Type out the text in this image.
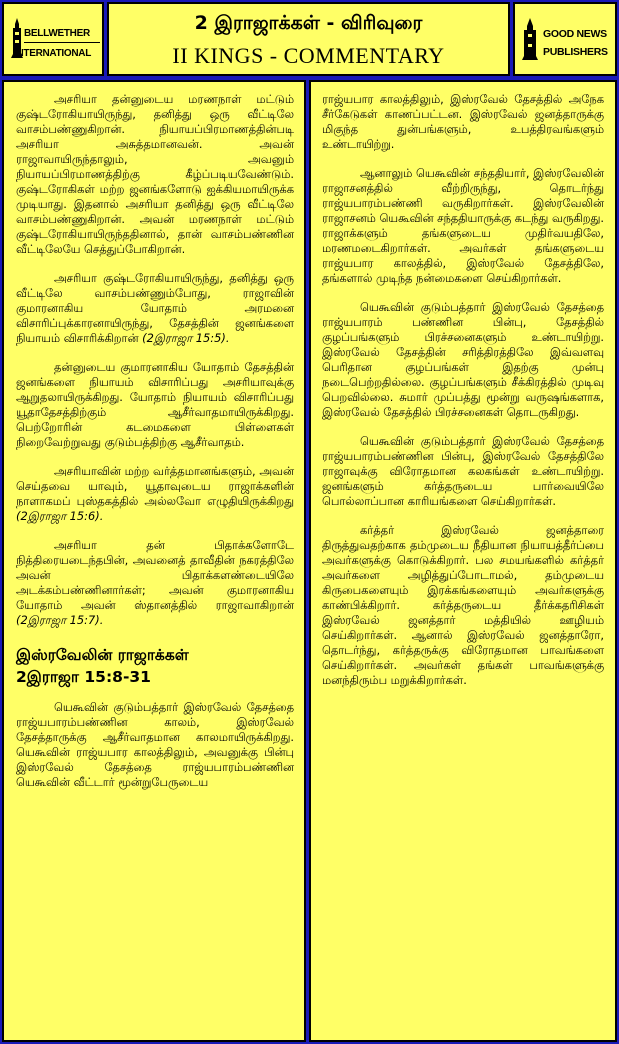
BELLWETHER
INTERNATIONAL
2 இராஜாக்கள் - விரிவுரை
II KINGS - COMMENTARY
GOOD NEWS
PUBLISHERS

அசரியா தன்னுடைய மரணநாள் மட்டும் குஷ்டரோகியாயிருந்து, தனித்து ஒரு வீட்டிலே வாசம்பண்ணுகிறான். நியாயப்பிரமாணத்தின்படி அசரியா அசுத்தமானவன். அவன் ராஜாவாயிருந்தாலும், அவனும் நியாயப்பிரமாணத்திற்கு கீழ்ப்படியவேண்டும். குஷ்டரோகிகள் மற்ற ஜனங்களோடு ஐக்கியமாயிருக்க முடியாது. இதனால் அசரியா தனித்து ஒரு வீட்டிலே வாசம்பண்ணுகிறான். அவன் மரணநாள் மட்டும் குஷ்டரோகியாயிருந்ததினால், தான் வாசம்பண்ணின வீட்டிலேயே செத்துப்போகிறான்.

அசரியா குஷ்டரோகியாயிருந்து, தனித்து ஒரு வீட்டிலே வாசம்பண்ணும்போது, ராஜாவின் குமாரனாகிய யோதாம் அரமனை விசாரிப்புக்காரனாயிருந்து, தேசத்தின் ஜனங்களை நியாயம் விசாரிக்கிறான் (2இராஜா 15:5).

தன்னுடைய குமாரனாகிய யோதாம் தேசத்தின் ஜனங்களை நியாயம் விசாரிப்பது அசரியாவுக்கு ஆறுதலாயிருக்கிறது. யோதாம் நியாயம் விசாரிப்பது யூதாதேசத்திற்கும் ஆசீர்வாதமாயிருக்கிறது. பெற்றோரின் கடமைகளை பிள்ளைகள் நிறைவேற்றுவது குடும்பத்திற்கு ஆசீர்வாதம்.

அசரியாவின் மற்ற வர்த்தமானங்களும், அவன் செய்தவை யாவும், யூதாவுடைய ராஜாக்களின் நாளாகமப் புஸ்தகத்தில் அல்லவோ எழுதியிருக்கிறது (2இராஜா 15:6).

அசரியா தன் பிதாக்களோடே நித்திரையடைந்தபின், அவனைத் தாவீதின் நகரத்திலே அவன் பிதாக்களண்டையிலே அடக்கம்பண்ணினார்கள்; அவன் குமாரனாகிய யோதாம் அவன் ஸ்தானத்தில் ராஜாவாகிறான் (2இராஜா 15:7).

இஸ்ரவேலின் ராஜாக்கள்
2இராஜா 15:8-31

யெகூவின் குடும்பத்தார் இஸ்ரவேல் தேசத்தை ராஜ்யபாரம்பண்ணின காலம், இஸ்ரவேல் தேசத்தாருக்கு ஆசீர்வாதமான காலமாயிருக்கிறது. யெகூவின் ராஜ்யபார காலத்திலும், அவனுக்கு பின்பு இஸ்ரவேல் தேசத்தை ராஜ்யபாரம்பண்ணின யெகூவின் வீட்டார் மூன்றுபேருடைய

ராஜ்யபார காலத்திலும், இஸ்ரவேல் தேசத்தில் அநேக சீர்கேடுகள் காணப்பட்டன. இஸ்ரவேல் ஜனத்தாருக்கு மிகுந்த துன்பங்களும், உபத்திரவங்களும் உண்டாயிற்று.

ஆனாலும் யெகூவின் சந்ததியார், இஸ்ரவேலின் ராஜாசனத்தில் வீற்றிருந்து, தொடர்ந்து ராஜ்யபாரம்பண்ணி வருகிறார்கள். இஸ்ரவேலின் ராஜாசனம் யெகூவின் சந்ததியாருக்கு கடந்து வருகிறது. ராஜாக்களும் தங்களுடைய முதிர்வயதிலே, மரணமடைகிறார்கள். அவர்கள் தங்களுடைய ராஜ்யபார காலத்தில், இஸ்ரவேல் தேசத்திலே, தங்களால் முடிந்த நன்மைகளை செய்கிறார்கள்.

யெகூவின் குடும்பத்தார் இஸ்ரவேல் தேசத்தை ராஜ்யபாரம் பண்ணின பின்பு, தேசத்தில் குழப்பங்களும் பிரச்சனைகளும் உண்டாயிற்று. இஸ்ரவேல் தேசத்தின் சரித்திரத்திலே இவ்வளவு பெரிதான குழப்பங்கள் இதற்கு முன்பு நடைபெற்றதில்லை. குழப்பங்களும் சீக்கிரத்தில் முடிவு பெறவில்லை. சுமார் முப்பத்து மூன்று வருஷங்களாக, இஸ்ரவேல் தேசத்தில் பிரச்சனைகள் தொடருகிறது.

யெகூவின் குடும்பத்தார் இஸ்ரவேல் தேசத்தை ராஜ்யபாரம்பண்ணின பின்பு, இஸ்ரவேல் தேசத்திலே ராஜாவுக்கு விரோதமான கலகங்கள் உண்டாயிற்று. ஜனங்களும் கர்த்தருடைய பார்வையிலே பொல்லாப்பான காரியங்களை செய்கிறார்கள்.

கர்த்தர் இஸ்ரவேல் ஜனத்தாரை திருத்துவதற்காக தம்முடைய நீதியான நியாயத்தீர்ப்பை அவர்களுக்கு கொடுக்கிறார். பல சமயங்களில் கர்த்தர் அவர்களை அழித்துப்போடாமல், தம்முடைய கிருபைகளையும் இரக்கங்களையும் அவர்களுக்கு காண்பிக்கிறார். கர்த்தருடைய தீர்க்கதரிசிகள் இஸ்ரவேல் ஜனத்தார் மத்தியில் ஊழியம் செய்கிறார்கள். ஆனால் இஸ்ரவேல் ஜனத்தாரோ, தொடர்ந்து, கர்த்தருக்கு விரோதமான பாவங்களை செய்கிறார்கள். அவர்கள் தங்கள் பாவங்களுக்கு மனந்திரும்ப மறுக்கிறார்கள்.
